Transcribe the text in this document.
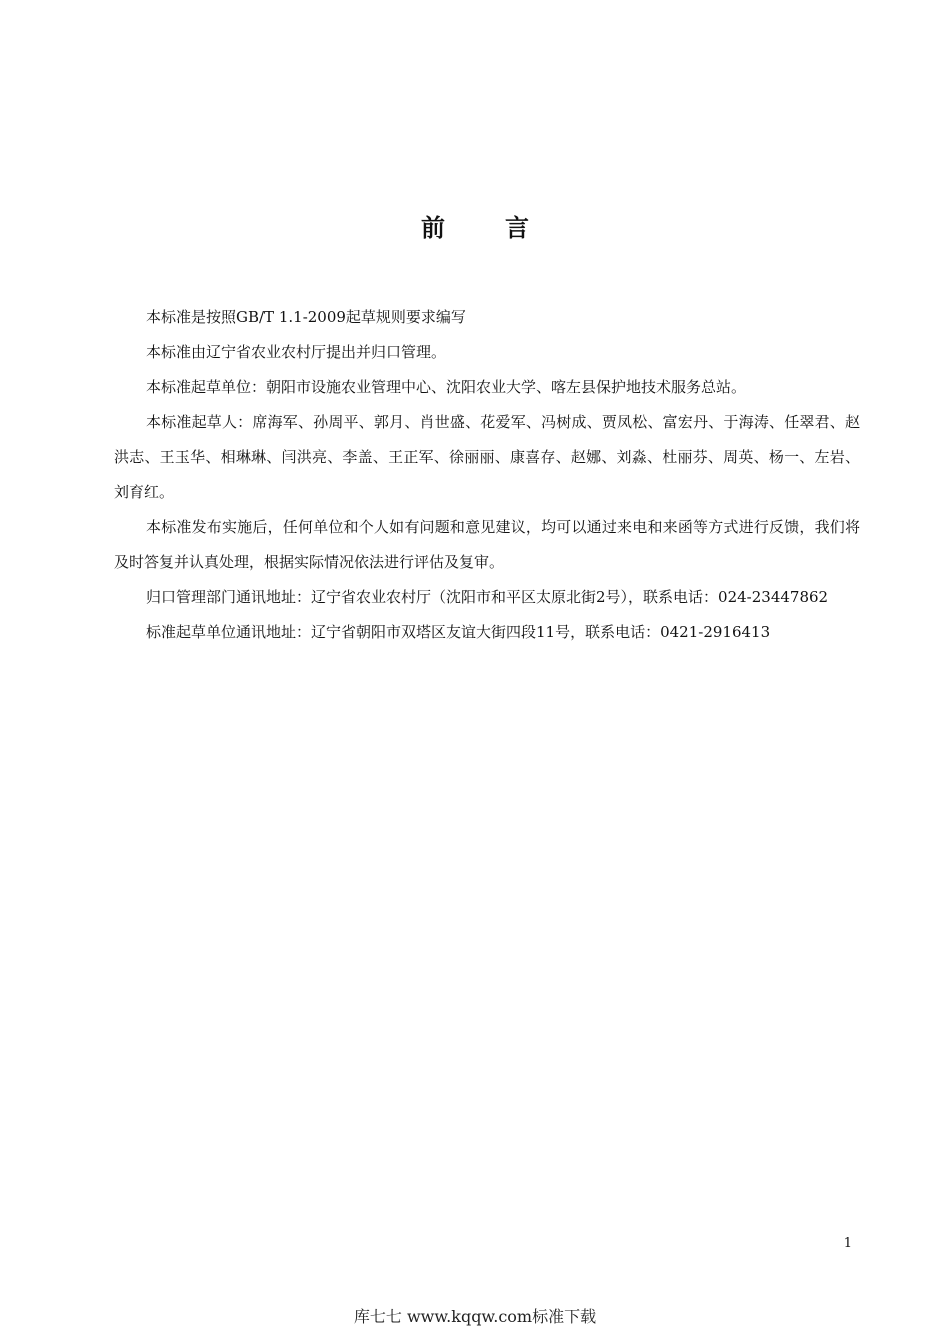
前	言

本标准是按照GB/T 1.1-2009起草规则要求编写

本标准由辽宁省农业农村厅提出并归口管理。

本标准起草单位：朝阳市设施农业管理中心、沈阳农业大学、喀左县保护地技术服务总站。

本标准起草人：席海军、孙周平、郭月、肖世盛、花爱军、冯树成、贾凤松、富宏丹、于海涛、任翠君、赵洪志、王玉华、相琳琳、闫洪亮、李盖、王正军、徐丽丽、康喜存、赵娜、刘淼、杜丽芬、周英、杨一、左岩、刘育红。

本标准发布实施后，任何单位和个人如有问题和意见建议，均可以通过来电和来函等方式进行反馈，我们将及时答复并认真处理，根据实际情况依法进行评估及复审。

归口管理部门通讯地址：辽宁省农业农村厅（沈阳市和平区太原北街2号），联系电话：024-23447862

标准起草单位通讯地址：辽宁省朝阳市双塔区友谊大街四段11号，联系电话：0421-2916413

1
库七七 www.kqqw.com标准下载
